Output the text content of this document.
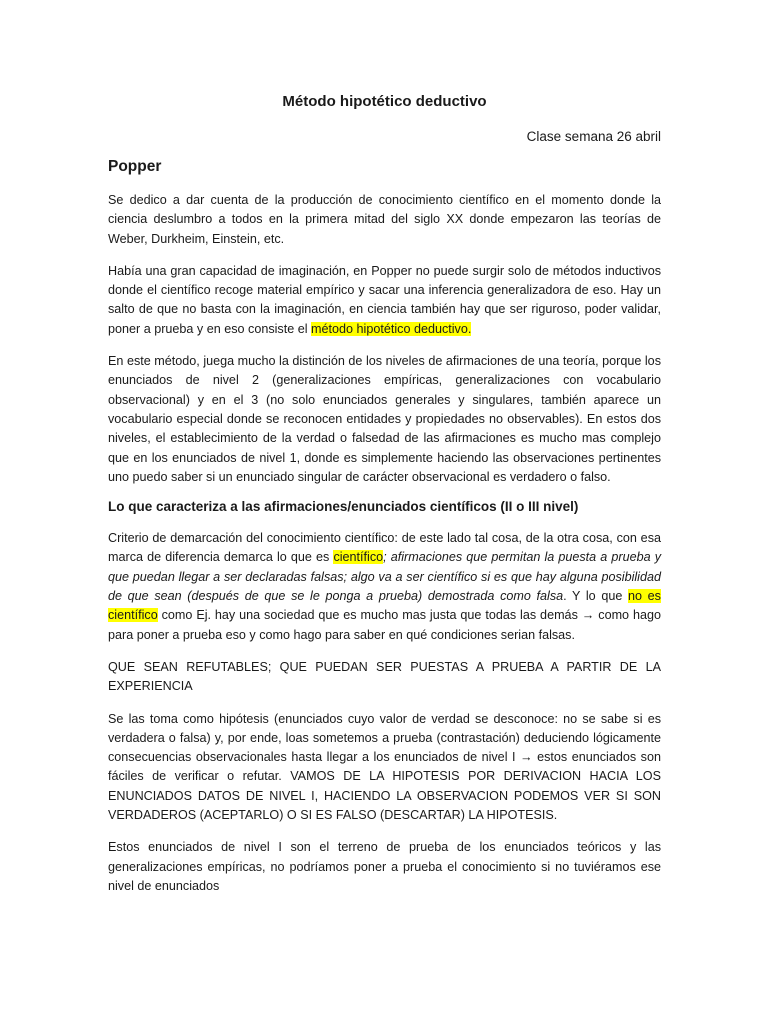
Método hipotético deductivo
Clase semana 26 abril
Popper

Se dedico a dar cuenta de la producción de conocimiento científico en el momento donde la ciencia deslumbro a todos en la primera mitad del siglo XX donde empezaron las teorías de Weber, Durkheim, Einstein, etc.

Había una gran capacidad de imaginación, en Popper no puede surgir solo de métodos inductivos donde el científico recoge material empírico y sacar una inferencia generalizadora de eso. Hay un salto de que no basta con la imaginación, en ciencia también hay que ser riguroso, poder validar, poner a prueba y en eso consiste el método hipotético deductivo.

En este método, juega mucho la distinción de los niveles de afirmaciones de una teoría, porque los enunciados de nivel 2 (generalizaciones empíricas, generalizaciones con vocabulario observacional) y en el 3 (no solo enunciados generales y singulares, también aparece un vocabulario especial donde se reconocen entidades y propiedades no observables). En estos dos niveles, el establecimiento de la verdad o falsedad de las afirmaciones es mucho mas complejo que en los enunciados de nivel 1, donde es simplemente haciendo las observaciones pertinentes uno puedo saber si un enunciado singular de carácter observacional es verdadero o falso.

Lo que caracteriza a las afirmaciones/enunciados científicos (II o III nivel)

Criterio de demarcación del conocimiento científico: de este lado tal cosa, de la otra cosa, con esa marca de diferencia demarca lo que es científico; afirmaciones que permitan la puesta a prueba y que puedan llegar a ser declaradas falsas; algo va a ser científico si es que hay alguna posibilidad de que sean (después de que se le ponga a prueba) demostrada como falsa. Y lo que no es científico como Ej. hay una sociedad que es mucho mas justa que todas las demás → como hago para poner a prueba eso y como hago para saber en qué condiciones serian falsas.

QUE SEAN REFUTABLES; QUE PUEDAN SER PUESTAS A PRUEBA A PARTIR DE LA EXPERIENCIA

Se las toma como hipótesis (enunciados cuyo valor de verdad se desconoce: no se sabe si es verdadera o falsa) y, por ende, loas sometemos a prueba (contrastación) deduciendo lógicamente consecuencias observacionales hasta llegar a los enunciados de nivel I → estos enunciados son fáciles de verificar o refutar. VAMOS DE LA HIPOTESIS POR DERIVACION HACIA LOS ENUNCIADOS DATOS DE NIVEL I, HACIENDO LA OBSERVACION PODEMOS VER SI SON VERDADEROS (ACEPTARLO) O SI ES FALSO (DESCARTAR) LA HIPOTESIS.

Estos enunciados de nivel I son el terreno de prueba de los enunciados teóricos y las generalizaciones empíricas, no podríamos poner a prueba el conocimiento si no tuviéramos ese nivel de enunciados
